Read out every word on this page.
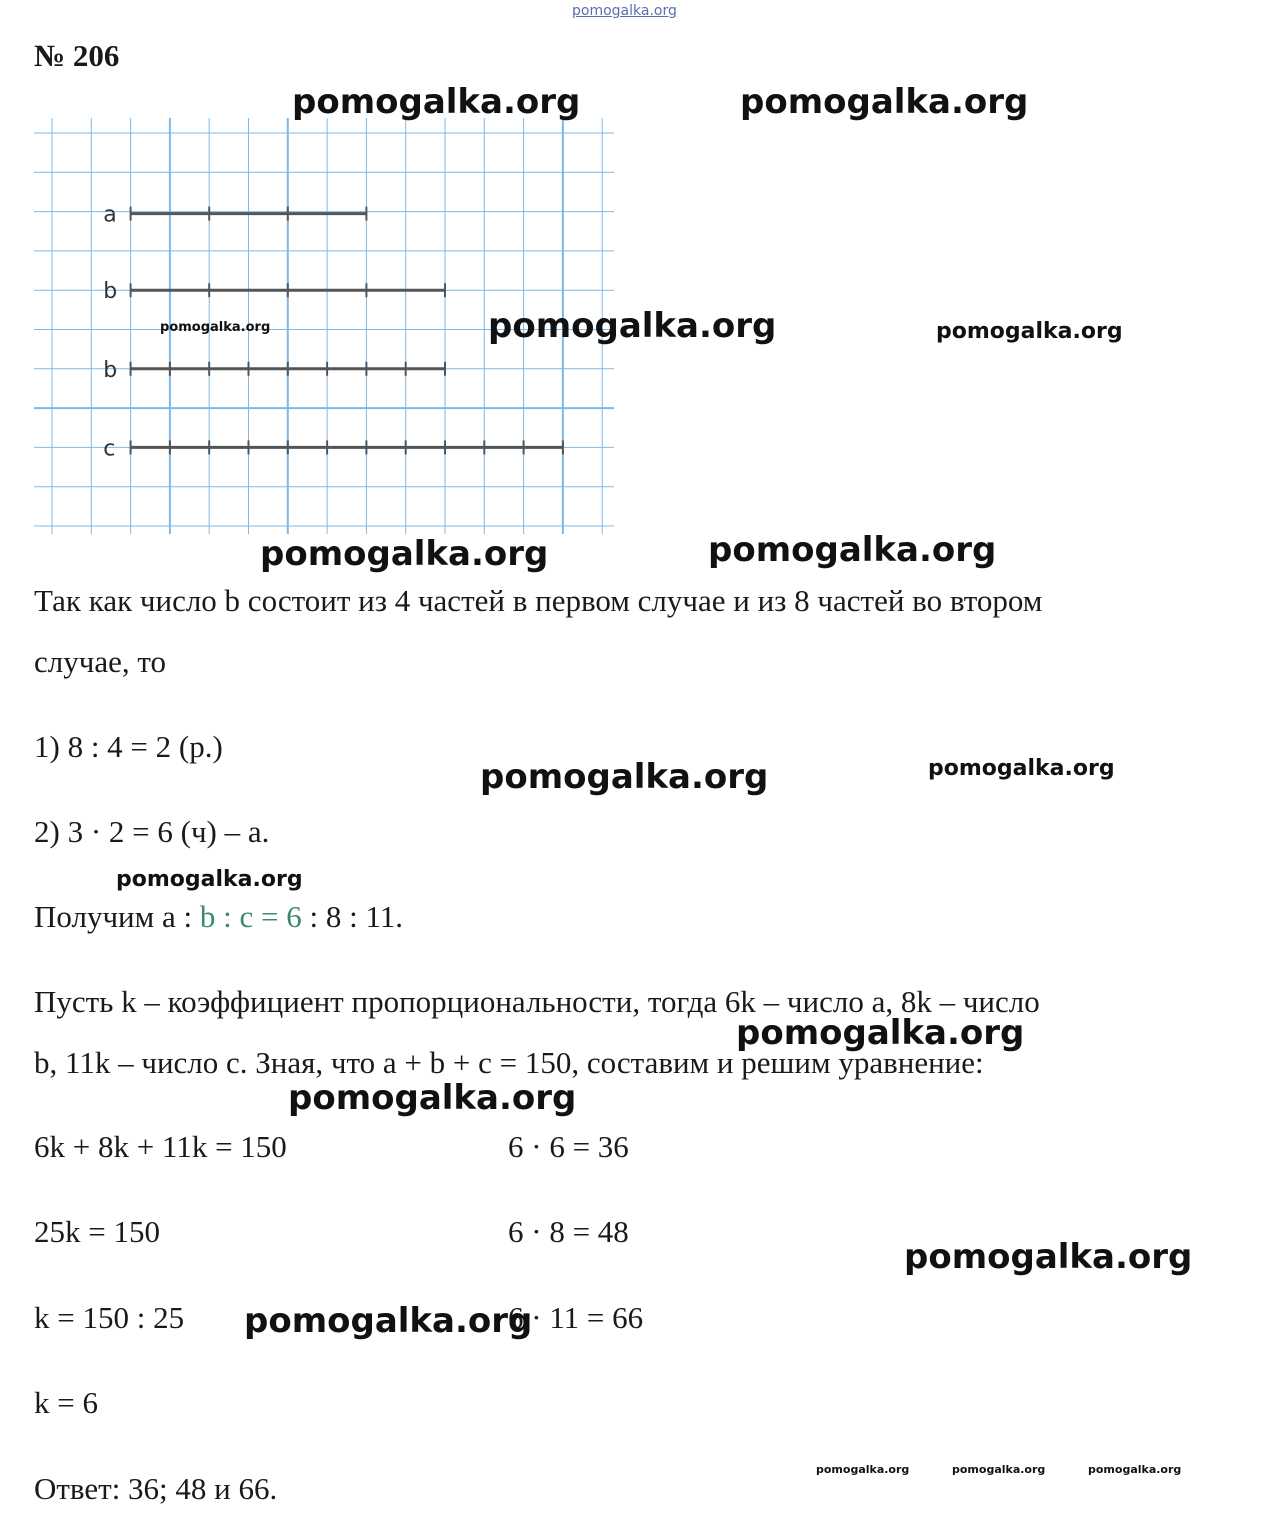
pomogalka.org
№ 206
a
b
b
c
Так как число b состоит из 4 частей в первом случае и из 8 частей во втором
случае, то
1) 8 : 4 = 2 (р.)
2) 3 · 2 = 6 (ч) – а.
Получим а : b : c = 6 : 8 : 11.
Пусть k – коэффициент пропорциональности, тогда 6k – число а, 8k – число
b, 11k – число с. Зная, что a + b + c = 150, составим и решим уравнение:
6k + 8k + 11k = 150
25k = 150
k = 150 : 25
k = 6
6 · 6 = 36
6 · 8 = 48
6 · 11 = 66
Ответ: 36; 48 и 66.
pomogalka.org	pomogalka.org
pomogalka.org	pomogalka.org	pomogalka.org
pomogalka.org	pomogalka.org
pomogalka.org	pomogalka.org
pomogalka.org
pomogalka.org
pomogalka.org
pomogalka.org
pomogalka.org
pomogalka.org	pomogalka.org	pomogalka.org
